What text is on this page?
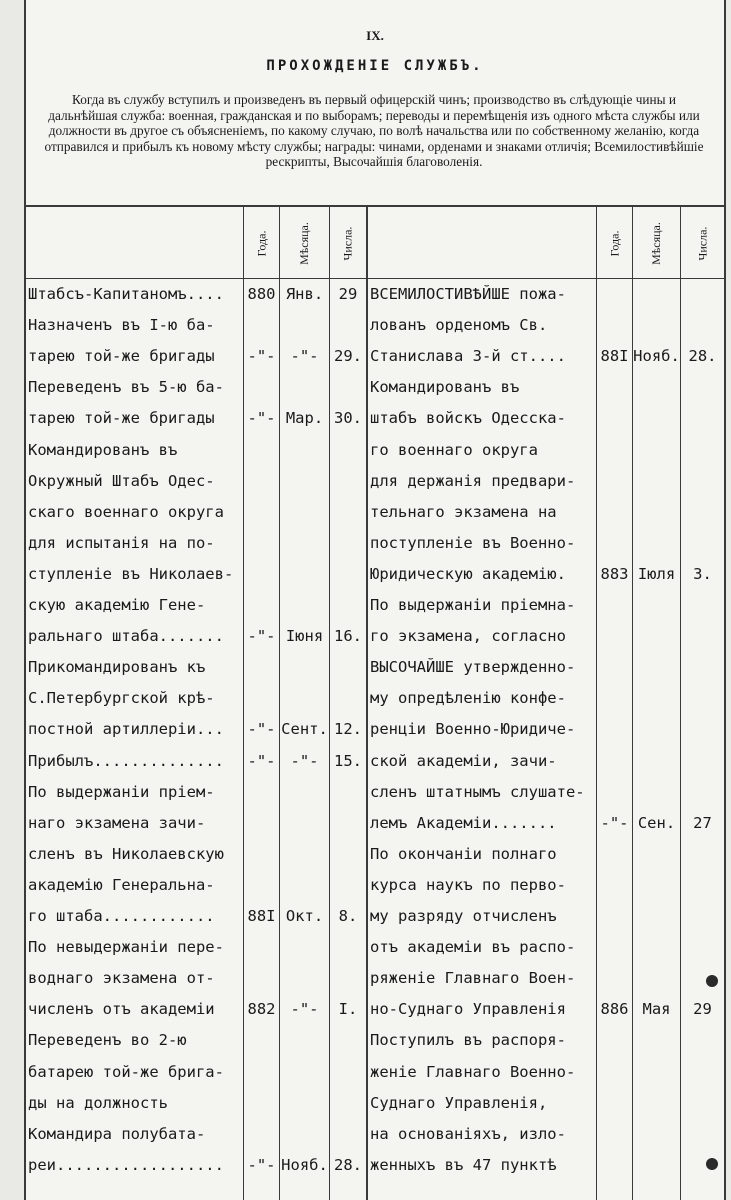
IX.
ПРОХОЖДЕНIЕ СЛУЖБЪ.
Когда въ службу вступилъ и произведенъ въ первый офицерскiй чинъ; производство въ слѣдующiе чины и дальнѣйшая служба: военная, гражданская и по выборамъ; переводы и перемѣщенiя изъ одного мѣста службы или должности въ другое съ объясненiемъ, по какому случаю, по волѣ начальства или по собственному желанiю, когда отправился и прибылъ къ новому мѣсту службы; награды: чинами, орденами и знаками отличiя; Всемилостивѣйшiе рескрипты, Высочайшiя благоволенiя.
Года. Мѣсяца. Числа.	Года. Мѣсяца.	Числа.
Штабсъ-Капитаномъ....	880 Янв.	29
Назначенъ въ I-ю ба-
тарею той-же бригады	-"- -"-	29.
Переведенъ въ 5-ю ба-
тарею той-же бригады	-"- Мар. 30.
Командированъ въ
Окружный Штабъ Одес-
скаго военнаго округа
для испытанiя на по-
ступленiе въ Николаев-
скую академiю Гене-
ральнаго штаба.......	-"- Iюня 16.
Прикомандированъ къ
С.Петербургской крѣ-
постной артиллерiи...	-"- Сент. 12.
Прибылъ..............	-"- -"-	15.
По выдержанiи прiем-
наго экзамена зачи-
сленъ въ Николаевскую
академiю Генеральна-
го штаба............	88I Окт.	8.
По невыдержанiи пере-
воднаго экзамена от-
численъ отъ академiи	882 -"-	I.
Переведенъ во 2-ю
батарею той-же брига-
ды на должность
Командира полубатa-
реи..................	-"- Нояб. 28.
ВСЕМИЛОСТИВѢЙШЕ пожа-
лованъ орденомъ Св.
Станислава 3-й ст....	88I Нояб. 28.
Командированъ въ
штабъ войскъ Одесска-
го военнаго округа
для держанiя предвари-
тельнаго экзамена на
поступленiе въ Военно-
Юридическую академiю.	883 Iюля	3.
По выдержанiи прiемна-
го экзамена, согласно
ВЫСОЧАЙШЕ утвержденно-
му опредѣленiю конфе-
ренцiи Военно-Юридиче-
ской академiи, зачи-
сленъ штатнымъ слушате-
лемъ Академiи.......	-"- Сен.	27
По окончанiи полнаго
курса наукъ по перво-
му разряду отчисленъ
отъ академiи въ распо-
ряженiе Главнаго Воен-
но-Суднаго Управленiя	886 Мая	29
Поступилъ въ распоря-
женiе Главнаго Военно-
Суднаго Управленiя,
на основанiяхъ, изло-
женныхъ въ 47 пунктѣ
